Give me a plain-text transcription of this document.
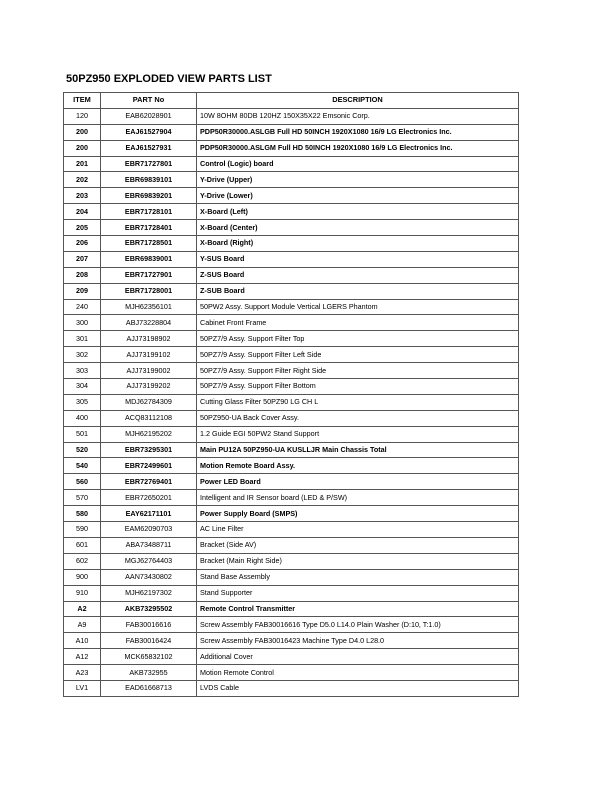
50PZ950 EXPLODED VIEW PARTS LIST
ITEM	PART No	DESCRIPTION
120	EAB62028901	10W 8OHM 80DB 120HZ 150X35X22 Emsonic Corp.
200	EAJ61527904	PDP50R30000.ASLGB Full HD 50INCH 1920X1080 16/9 LG Electronics Inc.
200	EAJ61527931	PDP50R30000.ASLGM Full HD 50INCH 1920X1080 16/9 LG Electronics Inc.
201	EBR71727801	Control (Logic) board
202	EBR69839101	Y-Drive (Upper)
203	EBR69839201	Y-Drive (Lower)
204	EBR71728101	X-Board (Left)
205	EBR71728401	X-Board (Center)
206	EBR71728501	X-Board (Right)
207	EBR69839001	Y-SUS Board
208	EBR71727901	Z-SUS Board
209	EBR71728001	Z-SUB Board
240	MJH62356101	50PW2 Assy. Support Module Vertical LGERS Phantom
300	ABJ73228804	Cabinet Front Frame
301	AJJ73198902	50PZ7/9 Assy. Support Filter Top
302	AJJ73199102	50PZ7/9 Assy. Support Filter Left Side
303	AJJ73199002	50PZ7/9 Assy. Support Filter Right Side
304	AJJ73199202	50PZ7/9 Assy. Support Filter Bottom
305	MDJ62784309	Cutting Glass Filter 50PZ90 LG CH L
400	ACQ83112108	50PZ950-UA Back Cover Assy.
501	MJH62195202	1.2 Guide EGI 50PW2 Stand Support
520	EBR73295301	Main PU12A 50PZ950-UA KUSLLJR Main Chassis Total
540	EBR72499601	Motion Remote Board Assy.
560	EBR72769401	Power LED Board
570	EBR72650201	Intelligent and IR Sensor board (LED & P/SW)
580	EAY62171101	Power Supply Board (SMPS)
590	EAM62090703	AC Line Filter
601	ABA73488711	Bracket (Side AV)
602	MGJ62764403	Bracket (Main Right Side)
900	AAN73430802	Stand Base Assembly
910	MJH62197302	Stand Supporter
A2	AKB73295502	Remote Control Transmitter
A9	FAB30016616	Screw Assembly FAB30016616 Type D5.0 L14.0 Plain Washer (D:10, T:1.0)
A10	FAB30016424	Screw Assembly FAB30016423 Machine Type D4.0 L28.0
A12	MCK65832102	Additional Cover
A23	AKB732955	Motion Remote Control
LV1	EAD61668713	LVDS Cable
